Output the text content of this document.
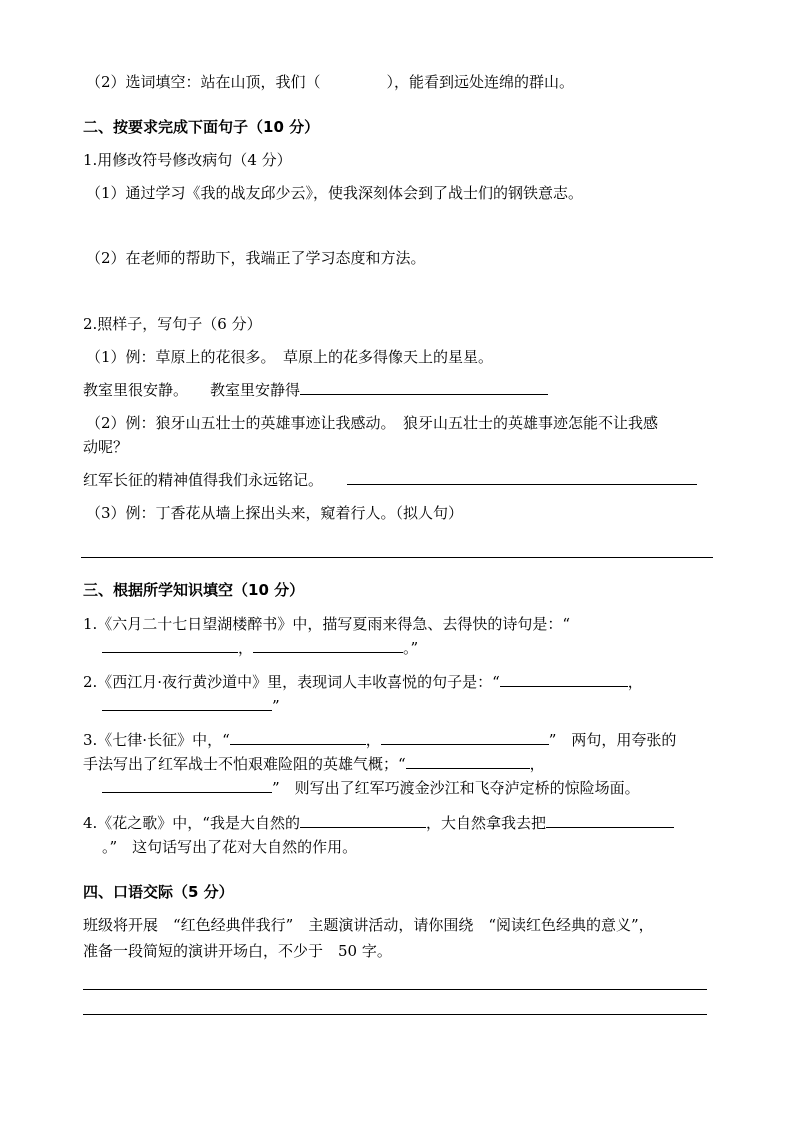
（2）选词填空：站在山顶，我们（	），能看到远处连绵的群山。
二、按要求完成下面句子（10 分）
1.用修改符号修改病句（4 分）
（1）通过学习《我的战友邱少云》，使我深刻体会到了战士们的钢铁意志。
（2）在老师的帮助下，我端正了学习态度和方法。
2.照样子，写句子（6 分）
（1）例：草原上的花很多。　草原上的花多得像天上的星星。
教室里很安静。 教室里安静得
（2）例：狼牙山五壮士的英雄事迹让我感动。　狼牙山五壮士的英雄事迹怎能不让我感
动呢？
红军长征的精神值得我们永远铭记。
（3）例：丁香花从墙上探出头来，窥着行人。（拟人句）
三、根据所学知识填空（10 分）
1.《六月二十七日望湖楼醉书》中，描写夏雨来得急、去得快的诗句是：“
，	。”
2.《西江月·夜行黄沙道中》里，表现词人丰收喜悦的句子是：“	，
”
3.《七律·长征》中，“	，	”　两句，用夸张的
手法写出了红军战士不怕艰难险阻的英雄气概；“	，
”　则写出了红军巧渡金沙江和飞夺泸定桥的惊险场面。
4.《花之歌》中，“我是大自然的	，大自然拿我去把
。”　这句话写出了花对大自然的作用。
四、口语交际（5 分）
班级将开展　“红色经典伴我行”　主题演讲活动，请你围绕　“阅读红色经典的意义”，
准备一段简短的演讲开场白，不少于　50 字。
